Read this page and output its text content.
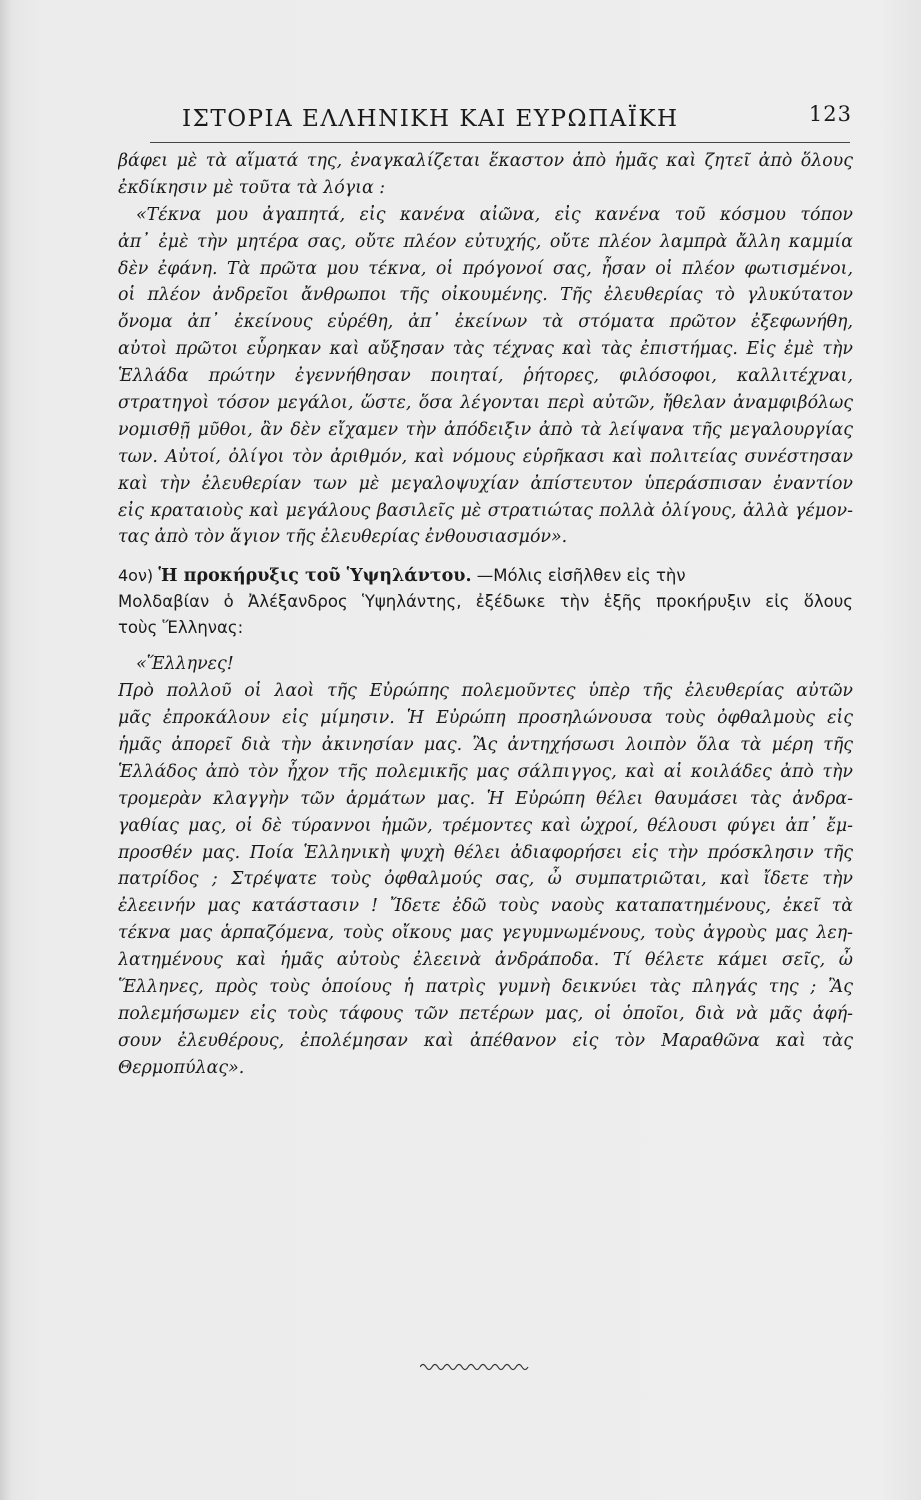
ΙΣΤΟΡΙΑ ΕΛΛΗΝΙΚΗ ΚΑΙ ΕΥΡΩΠΑΪΚΗ	123
βάφει μὲ τὰ αἵματά της, ἐναγκαλίζεται ἕκαστον ἀπὸ ἡμᾶς καὶ ζητεῖ ἀπὸ ὅλους
ἐκδίκησιν μὲ τοῦτα τὰ λόγια :
«Τέκνα μου ἀγαπητά, εἰς κανένα αἰῶνα, εἰς κανένα τοῦ κόσμου τόπον
ἀπ᾽ ἐμὲ τὴν μητέρα σας, οὔτε πλέον εὐτυχής, οὔτε πλέον λαμπρὰ ἄλλη καμμία
δὲν ἐφάνη. Τὰ πρῶτα μου τέκνα, οἱ πρόγονοί σας, ἦσαν οἱ πλέον φωτισμένοι,
οἱ πλέον ἀνδρεῖοι ἄνθρωποι τῆς οἰκουμένης. Τῆς ἐλευθερίας τὸ γλυκύτατον
ὄνομα ἀπ᾽ ἐκείνους εὑρέθη, ἀπ᾽ ἐκείνων τὰ στόματα πρῶτον ἐξεφωνήθη,
αὐτοὶ πρῶτοι εὗρηκαν καὶ αὔξησαν τὰς τέχνας καὶ τὰς ἐπιστήμας. Εἰς ἐμὲ τὴν
Ἑλλάδα πρώτην ἐγεννήθησαν ποιηταί, ῥήτορες, φιλόσοφοι, καλλιτέχναι,
στρατηγοὶ τόσον μεγάλοι, ὥστε, ὅσα λέγονται περὶ αὐτῶν, ἤθελαν ἀναμφιβόλως
νομισθῇ μῦθοι, ἂν δὲν εἴχαμεν τὴν ἀπόδειξιν ἀπὸ τὰ λείψανα τῆς μεγαλουργίας
των. Αὐτοί, ὀλίγοι τὸν ἀριθμόν, καὶ νόμους εὑρῆκασι καὶ πολιτείας συνέστησαν
καὶ τὴν ἐλευθερίαν των μὲ μεγαλοψυχίαν ἀπίστευτον ὑπεράσπισαν ἐναντίον
εἰς κραταιοὺς καὶ μεγάλους βασιλεῖς μὲ στρατιώτας πολλὰ ὀλίγους, ἀλλὰ γέμον-
τας ἀπὸ τὸν ἅγιον τῆς ἐλευθερίας ἐνθουσιασμόν».
4ον) Ἡ προκήρυξις τοῦ Ὑψηλάντου. —Μόλις εἰσῆλθεν εἰς τὴν
Μολδαβίαν ὁ Ἀλέξανδρος Ὑψηλάντης, ἐξέδωκε τὴν ἑξῆς προκήρυξιν εἰς ὅλους
τοὺς Ἕλληνας:
«Ἕλληνες!
Πρὸ πολλοῦ οἱ λαοὶ τῆς Εὐρώπης πολεμοῦντες ὑπὲρ τῆς ἐλευθερίας αὐτῶν
μᾶς ἐπροκάλουν εἰς μίμησιν. Ἡ Εὐρώπη προσηλώνουσα τοὺς ὀφθαλμοὺς εἰς
ἡμᾶς ἀπορεῖ διὰ τὴν ἀκινησίαν μας. Ἂς ἀντηχήσωσι λοιπὸν ὅλα τὰ μέρη τῆς
Ἑλλάδος ἀπὸ τὸν ἦχον τῆς πολεμικῆς μας σάλπιγγος, καὶ αἱ κοιλάδες ἀπὸ τὴν
τρομερὰν κλαγγὴν τῶν ἁρμάτων μας. Ἡ Εὐρώπη θέλει θαυμάσει τὰς ἀνδρα-
γαθίας μας, οἱ δὲ τύραννοι ἡμῶν, τρέμοντες καὶ ὠχροί, θέλουσι φύγει ἀπ᾽ ἔμ-
προσθέν μας. Ποία Ἑλληνικὴ ψυχὴ θέλει ἀδιαφορήσει εἰς τὴν πρόσκλησιν τῆς
πατρίδος ; Στρέψατε τοὺς ὀφθαλμούς σας, ὦ συμπατριῶται, καὶ ἴδετε τὴν
ἐλεεινήν μας κατάστασιν ! Ἴδετε ἐδῶ τοὺς ναοὺς καταπατημένους, ἐκεῖ τὰ
τέκνα μας ἁρπαζόμενα, τοὺς οἴκους μας γεγυμνωμένους, τοὺς ἀγροὺς μας λεη-
λατημένους καὶ ἡμᾶς αὐτοὺς ἐλεεινὰ ἀνδράποδα. Τί θέλετε κάμει σεῖς, ὦ
Ἕλληνες, πρὸς τοὺς ὁποίους ἡ πατρὶς γυμνὴ δεικνύει τὰς πληγάς της ; Ἂς
πολεμήσωμεν εἰς τοὺς τάφους τῶν πετέρων μας, οἱ ὁποῖοι, διὰ νὰ μᾶς ἀφή-
σουν ἐλευθέρους, ἐπολέμησαν καὶ ἀπέθανον εἰς τὸν Μαραθῶνα καὶ τὰς
Θερμοπύλας».
